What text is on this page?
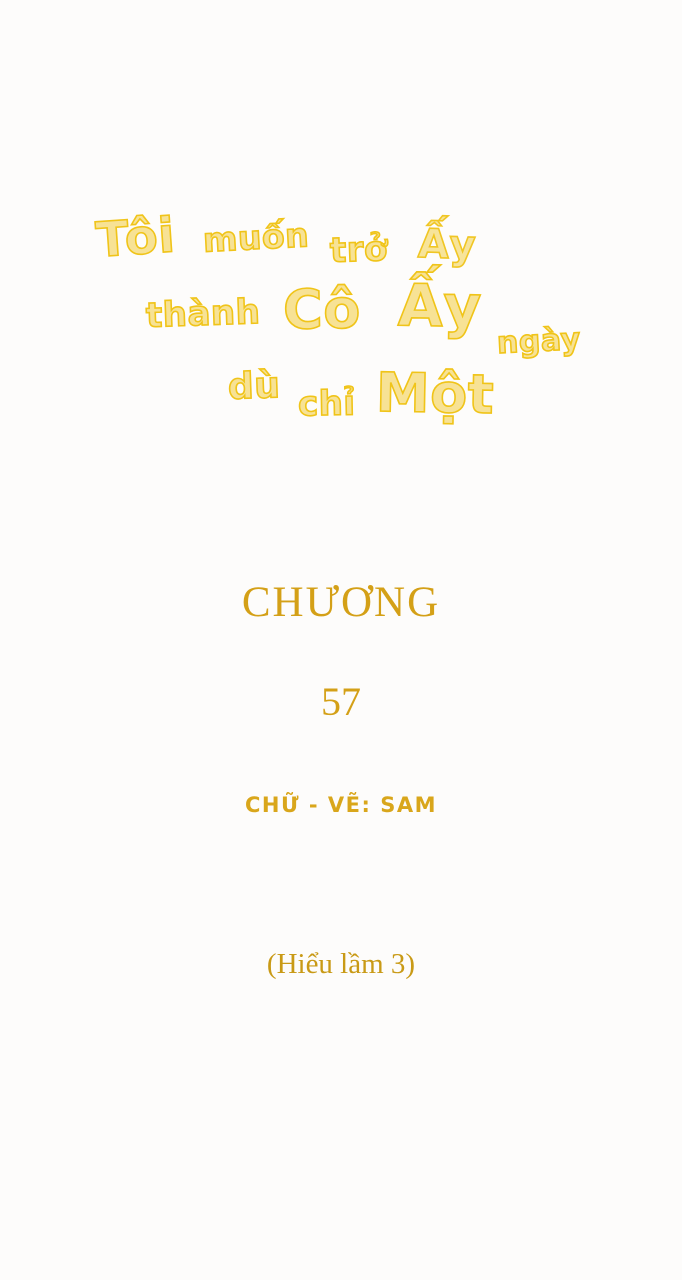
Tôi muốn trở Ấy
thành Cô Ấy
ngày
dù chỉ Một
CHƯƠNG
57
CHỮ - VẼ: SAM
(Hiểu lầm 3)
